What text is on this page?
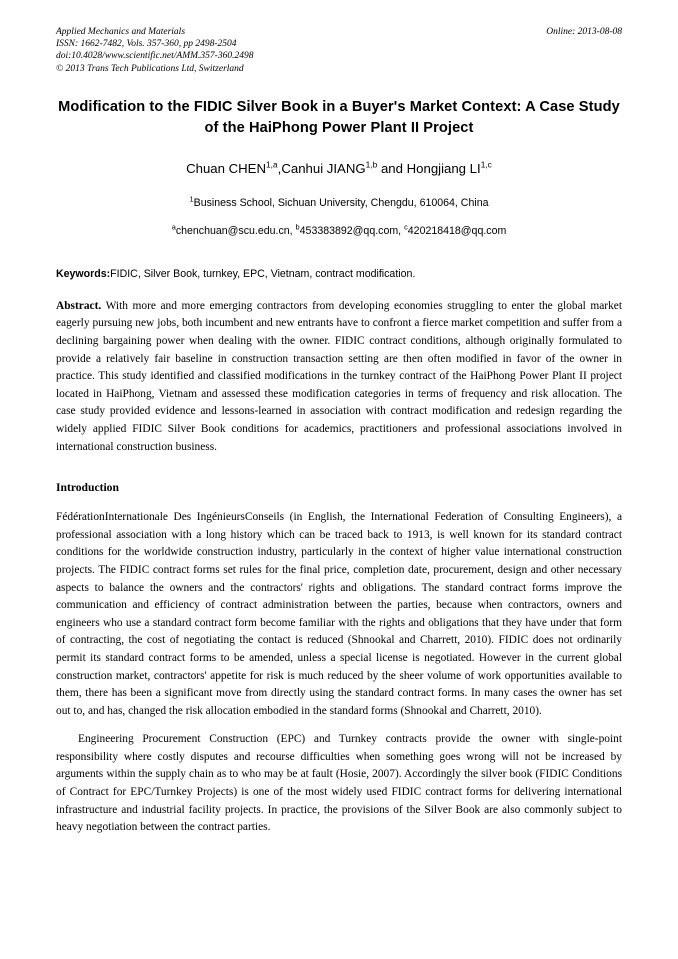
Applied Mechanics and Materials
ISSN: 1662-7482, Vols. 357-360, pp 2498-2504
doi:10.4028/www.scientific.net/AMM.357-360.2498
© 2013 Trans Tech Publications Ltd, Switzerland
Online: 2013-08-08
Modification to the FIDIC Silver Book in a Buyer's Market Context: A Case Study of the HaiPhong Power Plant II Project
Chuan CHEN$^{1,a}$,Canhui JIANG$^{1,b}$ and Hongjiang LI$^{1,c}$
$^1$Business School, Sichuan University, Chengdu, 610064, China
$^a$chenchuan@scu.edu.cn, $^b$453383892@qq.com, $^c$420218418@qq.com
Keywords:FIDIC, Silver Book, turnkey, EPC, Vietnam, contract modification.
Abstract. With more and more emerging contractors from developing economies struggling to enter the global market eagerly pursuing new jobs, both incumbent and new entrants have to confront a fierce market competition and suffer from a declining bargaining power when dealing with the owner. FIDIC contract conditions, although originally formulated to provide a relatively fair baseline in construction transaction setting are then often modified in favor of the owner in practice. This study identified and classified modifications in the turnkey contract of the HaiPhong Power Plant II project located in HaiPhong, Vietnam and assessed these modification categories in terms of frequency and risk allocation. The case study provided evidence and lessons-learned in association with contract modification and redesign regarding the widely applied FIDIC Silver Book conditions for academics, practitioners and professional associations involved in international construction business.
Introduction
FédérationInternationale Des IngénieursConseils (in English, the International Federation of Consulting Engineers), a professional association with a long history which can be traced back to 1913, is well known for its standard contract conditions for the worldwide construction industry, particularly in the context of higher value international construction projects. The FIDIC contract forms set rules for the final price, completion date, procurement, design and other necessary aspects to balance the owners and the contractors' rights and obligations. The standard contract forms improve the communication and efficiency of contract administration between the parties, because when contractors, owners and engineers who use a standard contract form become familiar with the rights and obligations that they have under that form of contracting, the cost of negotiating the contact is reduced (Shnookal and Charrett, 2010). FIDIC does not ordinarily permit its standard contract forms to be amended, unless a special license is negotiated. However in the current global construction market, contractors' appetite for risk is much reduced by the sheer volume of work opportunities available to them, there has been a significant move from directly using the standard contract forms. In many cases the owner has set out to, and has, changed the risk allocation embodied in the standard forms (Shnookal and Charrett, 2010).
Engineering Procurement Construction (EPC) and Turnkey contracts provide the owner with single-point responsibility where costly disputes and recourse difficulties when something goes wrong will not be increased by arguments within the supply chain as to who may be at fault (Hosie, 2007). Accordingly the silver book (FIDIC Conditions of Contract for EPC/Turnkey Projects) is one of the most widely used FIDIC contract forms for delivering international infrastructure and industrial facility projects. In practice, the provisions of the Silver Book are also commonly subject to heavy negotiation between the contract parties.
